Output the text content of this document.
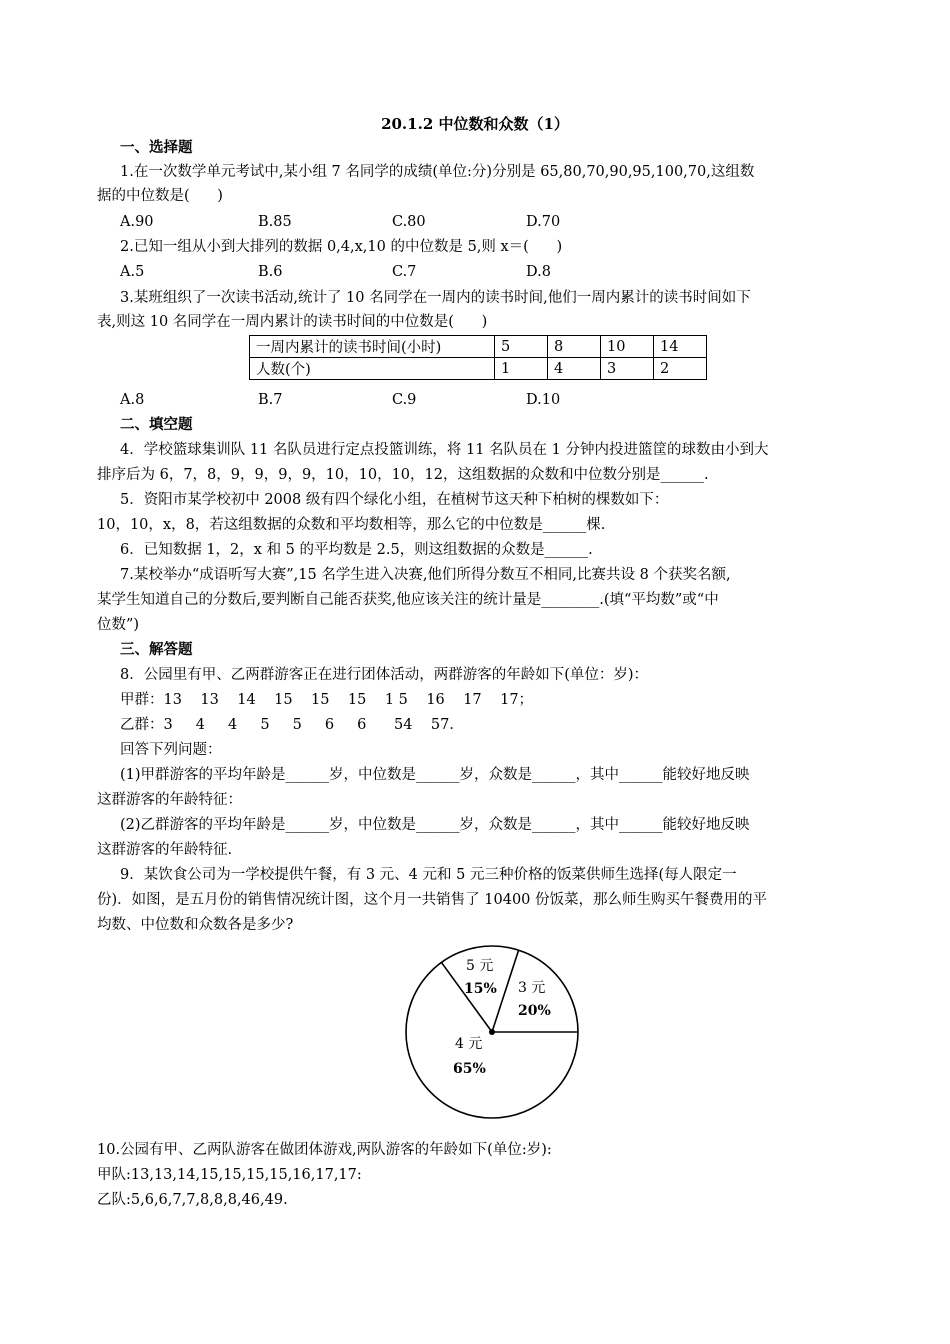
20.1.2 中位数和众数（1）
一、选择题
1.在一次数学单元考试中,某小组 7 名同学的成绩(单位:分)分别是 65,80,70,90,95,100,70,这组数
据的中位数是(      )
A.90	B.85	C.80	D.70
2.已知一组从小到大排列的数据 0,4,x,10 的中位数是 5,则 x＝(      )
A.5	B.6	C.7	D.8
3.某班组织了一次读书活动,统计了 10 名同学在一周内的读书时间,他们一周内累计的读书时间如下
表,则这 10 名同学在一周内累计的读书时间的中位数是(      )
一周内累计的读书时间(小时)	5	8	10	14
人数(个)	1	4	3	2
A.8	B.7	C.9	D.10
二、填空题
4．学校篮球集训队 11 名队员进行定点投篮训练，将 11 名队员在 1 分钟内投进篮筐的球数由小到大
排序后为 6，7，8，9，9，9，9，10，10，10，12，这组数据的众数和中位数分别是______.
5．资阳市某学校初中 2008 级有四个绿化小组，在植树节这天种下柏树的棵数如下：
10，10，x，8，若这组数据的众数和平均数相等，那么它的中位数是______棵.
6．已知数据 1，2，x 和 5 的平均数是 2.5，则这组数据的众数是______.
7.某校举办“成语听写大赛”,15 名学生进入决赛,他们所得分数互不相同,比赛共设 8 个获奖名额,
某学生知道自己的分数后,要判断自己能否获奖,他应该关注的统计量是________.(填“平均数”或“中
位数”)
三、解答题
8．公园里有甲、乙两群游客正在进行团体活动，两群游客的年龄如下(单位：岁)：
甲群：13    13    14    15    15    15    1 5    16    17    17；
乙群：3     4     4     5     5     6     6      54    57．
回答下列问题：
(1)甲群游客的平均年龄是______岁，中位数是______岁，众数是______，其中______能较好地反映
这群游客的年龄特征：
(2)乙群游客的平均年龄是______岁，中位数是______岁，众数是______，其中______能较好地反映
这群游客的年龄特征.
9．某饮食公司为一学校提供午餐，有 3 元、4 元和 5 元三种价格的饭菜供师生选择(每人限定一
份)．如图，是五月份的销售情况统计图，这个月一共销售了 10400 份饭菜，那么师生购买午餐费用的平
均数、中位数和众数各是多少?
5 元
15% 3 元
20%
4 元
65%
10.公园有甲、乙两队游客在做团体游戏,两队游客的年龄如下(单位:岁):
甲队:13,13,14,15,15,15,15,16,17,17:
乙队:5,6,6,7,7,8,8,8,46,49.
